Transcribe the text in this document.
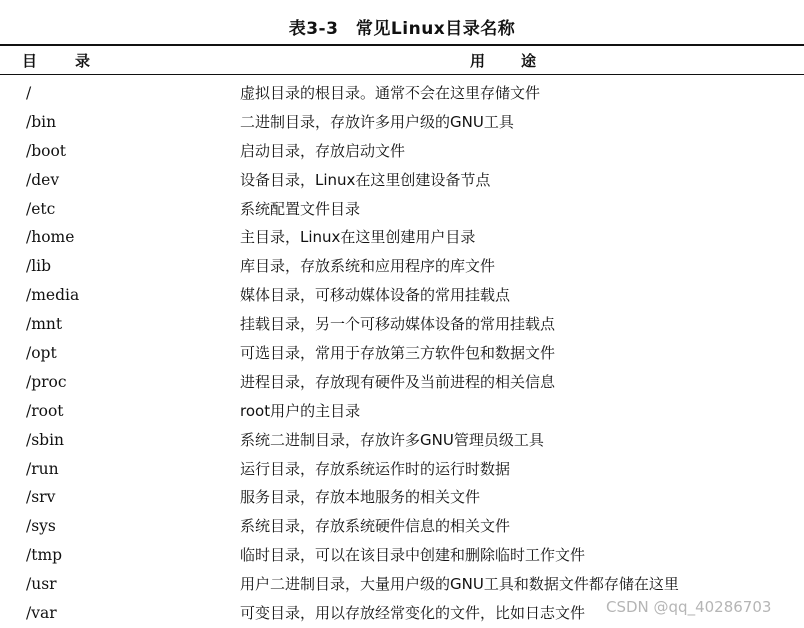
表3-3　常见Linux目录名称
目录	用途
/	虚拟目录的根目录。通常不会在这里存储文件
/bin	二进制目录，存放许多用户级的GNU工具
/boot	启动目录，存放启动文件
/dev	设备目录，Linux在这里创建设备节点
/etc	系统配置文件目录
/home	主目录，Linux在这里创建用户目录
/lib	库目录，存放系统和应用程序的库文件
/media	媒体目录，可移动媒体设备的常用挂载点
/mnt	挂载目录，另一个可移动媒体设备的常用挂载点
/opt	可选目录，常用于存放第三方软件包和数据文件
/proc	进程目录，存放现有硬件及当前进程的相关信息
/root	root用户的主目录
/sbin	系统二进制目录，存放许多GNU管理员级工具
/run	运行目录，存放系统运作时的运行时数据
/srv	服务目录，存放本地服务的相关文件
/sys	系统目录，存放系统硬件信息的相关文件
/tmp	临时目录，可以在该目录中创建和删除临时工作文件
/usr	用户二进制目录，大量用户级的GNU工具和数据文件都存储在这里
/var	可变目录，用以存放经常变化的文件，比如日志文件 CSDN @qq_40286703
